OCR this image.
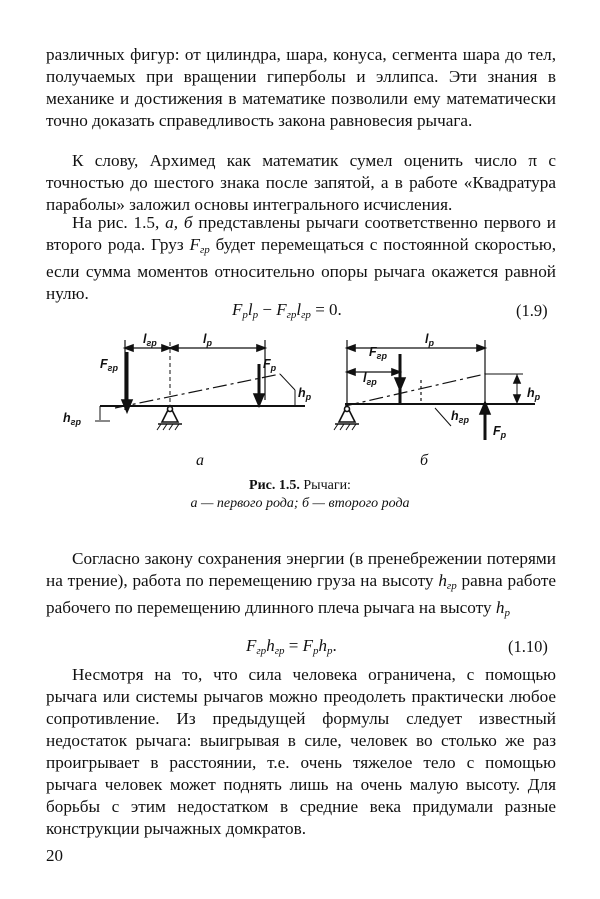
различных фигур: от цилиндра, шара, конуса, сегмента шара до тел, получаемых при вращении гиперболы и эллипса. Эти знания в механике и достижения в математике позволили ему математически точно доказать справедливость закона равновесия рычага.

К слову, Архимед как математик сумел оценить число π с точностью до шестого знака после запятой, а в работе «Квадратура параболы» заложил основы интегрального исчисления.

На рис. 1.5, а, б представлены рычаги соответственно первого и второго рода. Груз $F_{гр}$ будет перемещаться с постоянной скоростью, если сумма моментов относительно опоры рычага окажется равной нулю.

$F_рl_р - F_{гр}l_{гр} = 0$.	(1.9)
$F_{гр}$
$l_{гр}$	$l_р$
$F_р$
$h_р$
$h_{гр}$
$F_{гр}$
$l_{гр}$
$l_р$
$h_р$
$h_{гр}$
$F_р$
а	б
Рис. 1.5. Рычаги:
а — первого рода; б — второго рода

Согласно закону сохранения энергии (в пренебрежении потерями на трение), работа по перемещению груза на высоту $h_{гр}$ равна работе рабочего по перемещению длинного плеча рычага на высоту $h_р$

$F_{гр}h_{гр} = F_рh_р$.	(1.10)

Несмотря на то, что сила человека ограничена, с помощью рычага или системы рычагов можно преодолеть практически любое сопротивление. Из предыдущей формулы следует известный недостаток рычага: выигрывая в силе, человек во столько же раз проигрывает в расстоянии, т.е. очень тяжелое тело с помощью рычага человек может поднять лишь на очень малую высоту. Для борьбы с этим недостатком в средние века придумали разные конструкции рычажных домкратов.

20
